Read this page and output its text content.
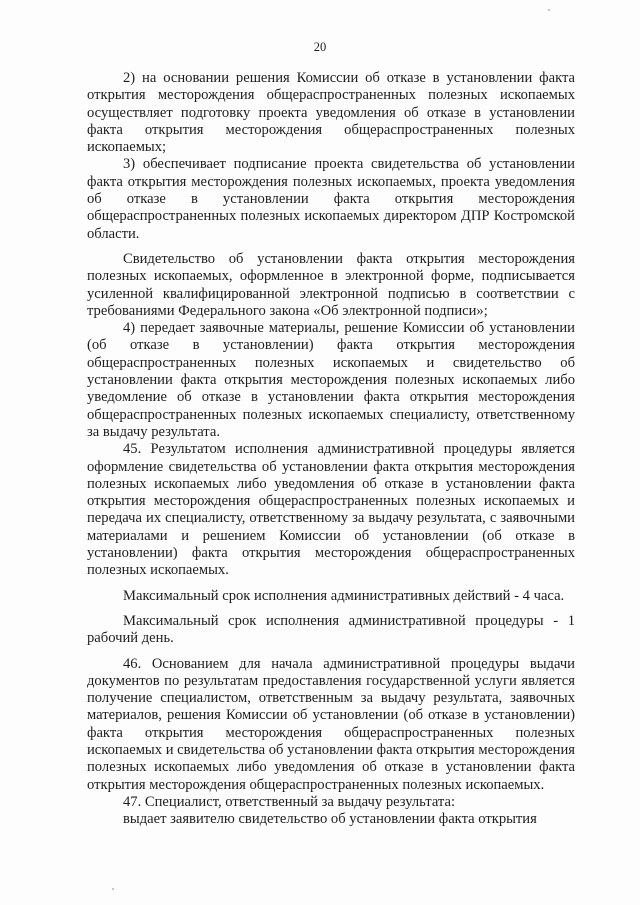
20

2) на основании решения Комиссии об отказе в установлении факта открытия месторождения общераспространенных полезных ископаемых осуществляет подготовку проекта уведомления об отказе в установлении факта открытия месторождения общераспространенных полезных ископаемых;

3) обеспечивает подписание проекта свидетельства об установлении факта открытия месторождения полезных ископаемых, проекта уведомления об отказе в установлении факта открытия месторождения общераспространенных полезных ископаемых директором ДПР Костромской области.

Свидетельство об установлении факта открытия месторождения полезных ископаемых, оформленное в электронной форме, подписывается усиленной квалифицированной электронной подписью в соответствии с требованиями Федерального закона «Об электронной подписи»;

4) передает заявочные материалы, решение Комиссии об установлении (об отказе в установлении) факта открытия месторождения общераспространенных полезных ископаемых и свидетельство об установлении факта открытия месторождения полезных ископаемых либо уведомление об отказе в установлении факта открытия месторождения общераспространенных полезных ископаемых специалисту, ответственному за выдачу результата.

45. Результатом исполнения административной процедуры является оформление свидетельства об установлении факта открытия месторождения полезных ископаемых либо уведомления об отказе в установлении факта открытия месторождения общераспространенных полезных ископаемых и передача их специалисту, ответственному за выдачу результата, с заявочными материалами и решением Комиссии об установлении (об отказе в установлении) факта открытия месторождения общераспространенных полезных ископаемых.

Максимальный срок исполнения административных действий - 4 часа.

Максимальный срок исполнения административной процедуры - 1 рабочий день.

46. Основанием для начала административной процедуры выдачи документов по результатам предоставления государственной услуги является получение специалистом, ответственным за выдачу результата, заявочных материалов, решения Комиссии об установлении (об отказе в установлении) факта открытия месторождения общераспространенных полезных ископаемых и свидетельства об установлении факта открытия месторождения полезных ископаемых либо уведомления об отказе в установлении факта открытия месторождения общераспространенных полезных ископаемых.

47. Специалист, ответственный за выдачу результата:

выдает заявителю свидетельство об установлении факта открытия
